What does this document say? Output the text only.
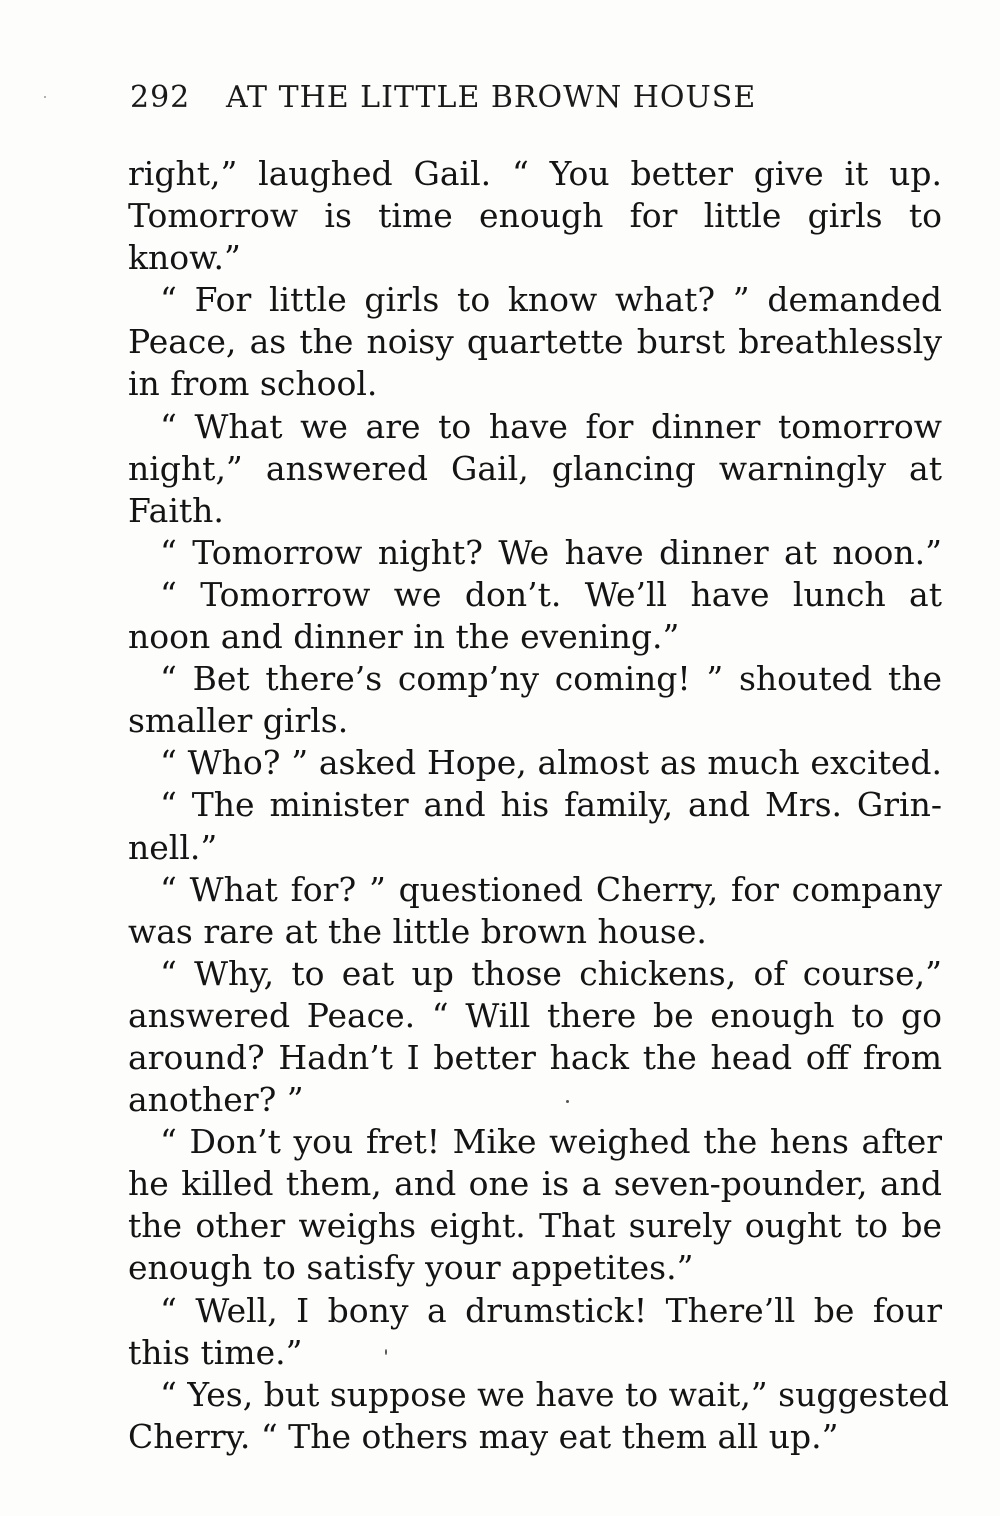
292 AT THE LITTLE BROWN HOUSE
right,” laughed Gail. “ You better give it up.
Tomorrow is time enough for little girls to
know.”
“ For little girls to know what? ” demanded
Peace, as the noisy quartette burst breathlessly
in from school.
“ What we are to have for dinner tomorrow
night,” answered Gail, glancing warningly at
Faith.
“ Tomorrow night? We have dinner at noon.”
“ Tomorrow we don’t. We’ll have lunch at
noon and dinner in the evening.”
“ Bet there’s comp’ny coming! ” shouted the
smaller girls.
“ Who? ” asked Hope, almost as much excited.
“ The minister and his family, and Mrs. Grin-
nell.”
“ What for? ” questioned Cherry, for company
was rare at the little brown house.
“ Why, to eat up those chickens, of course,”
answered Peace. “ Will there be enough to go
around? Hadn’t I better hack the head off from
another? ”
“ Don’t you fret! Mike weighed the hens after
he killed them, and one is a seven-pounder, and
the other weighs eight. That surely ought to be
enough to satisfy your appetites.”
“ Well, I bony a drumstick! There’ll be four
this time.”
“ Yes, but suppose we have to wait,” suggested
Cherry. “ The others may eat them all up.”
